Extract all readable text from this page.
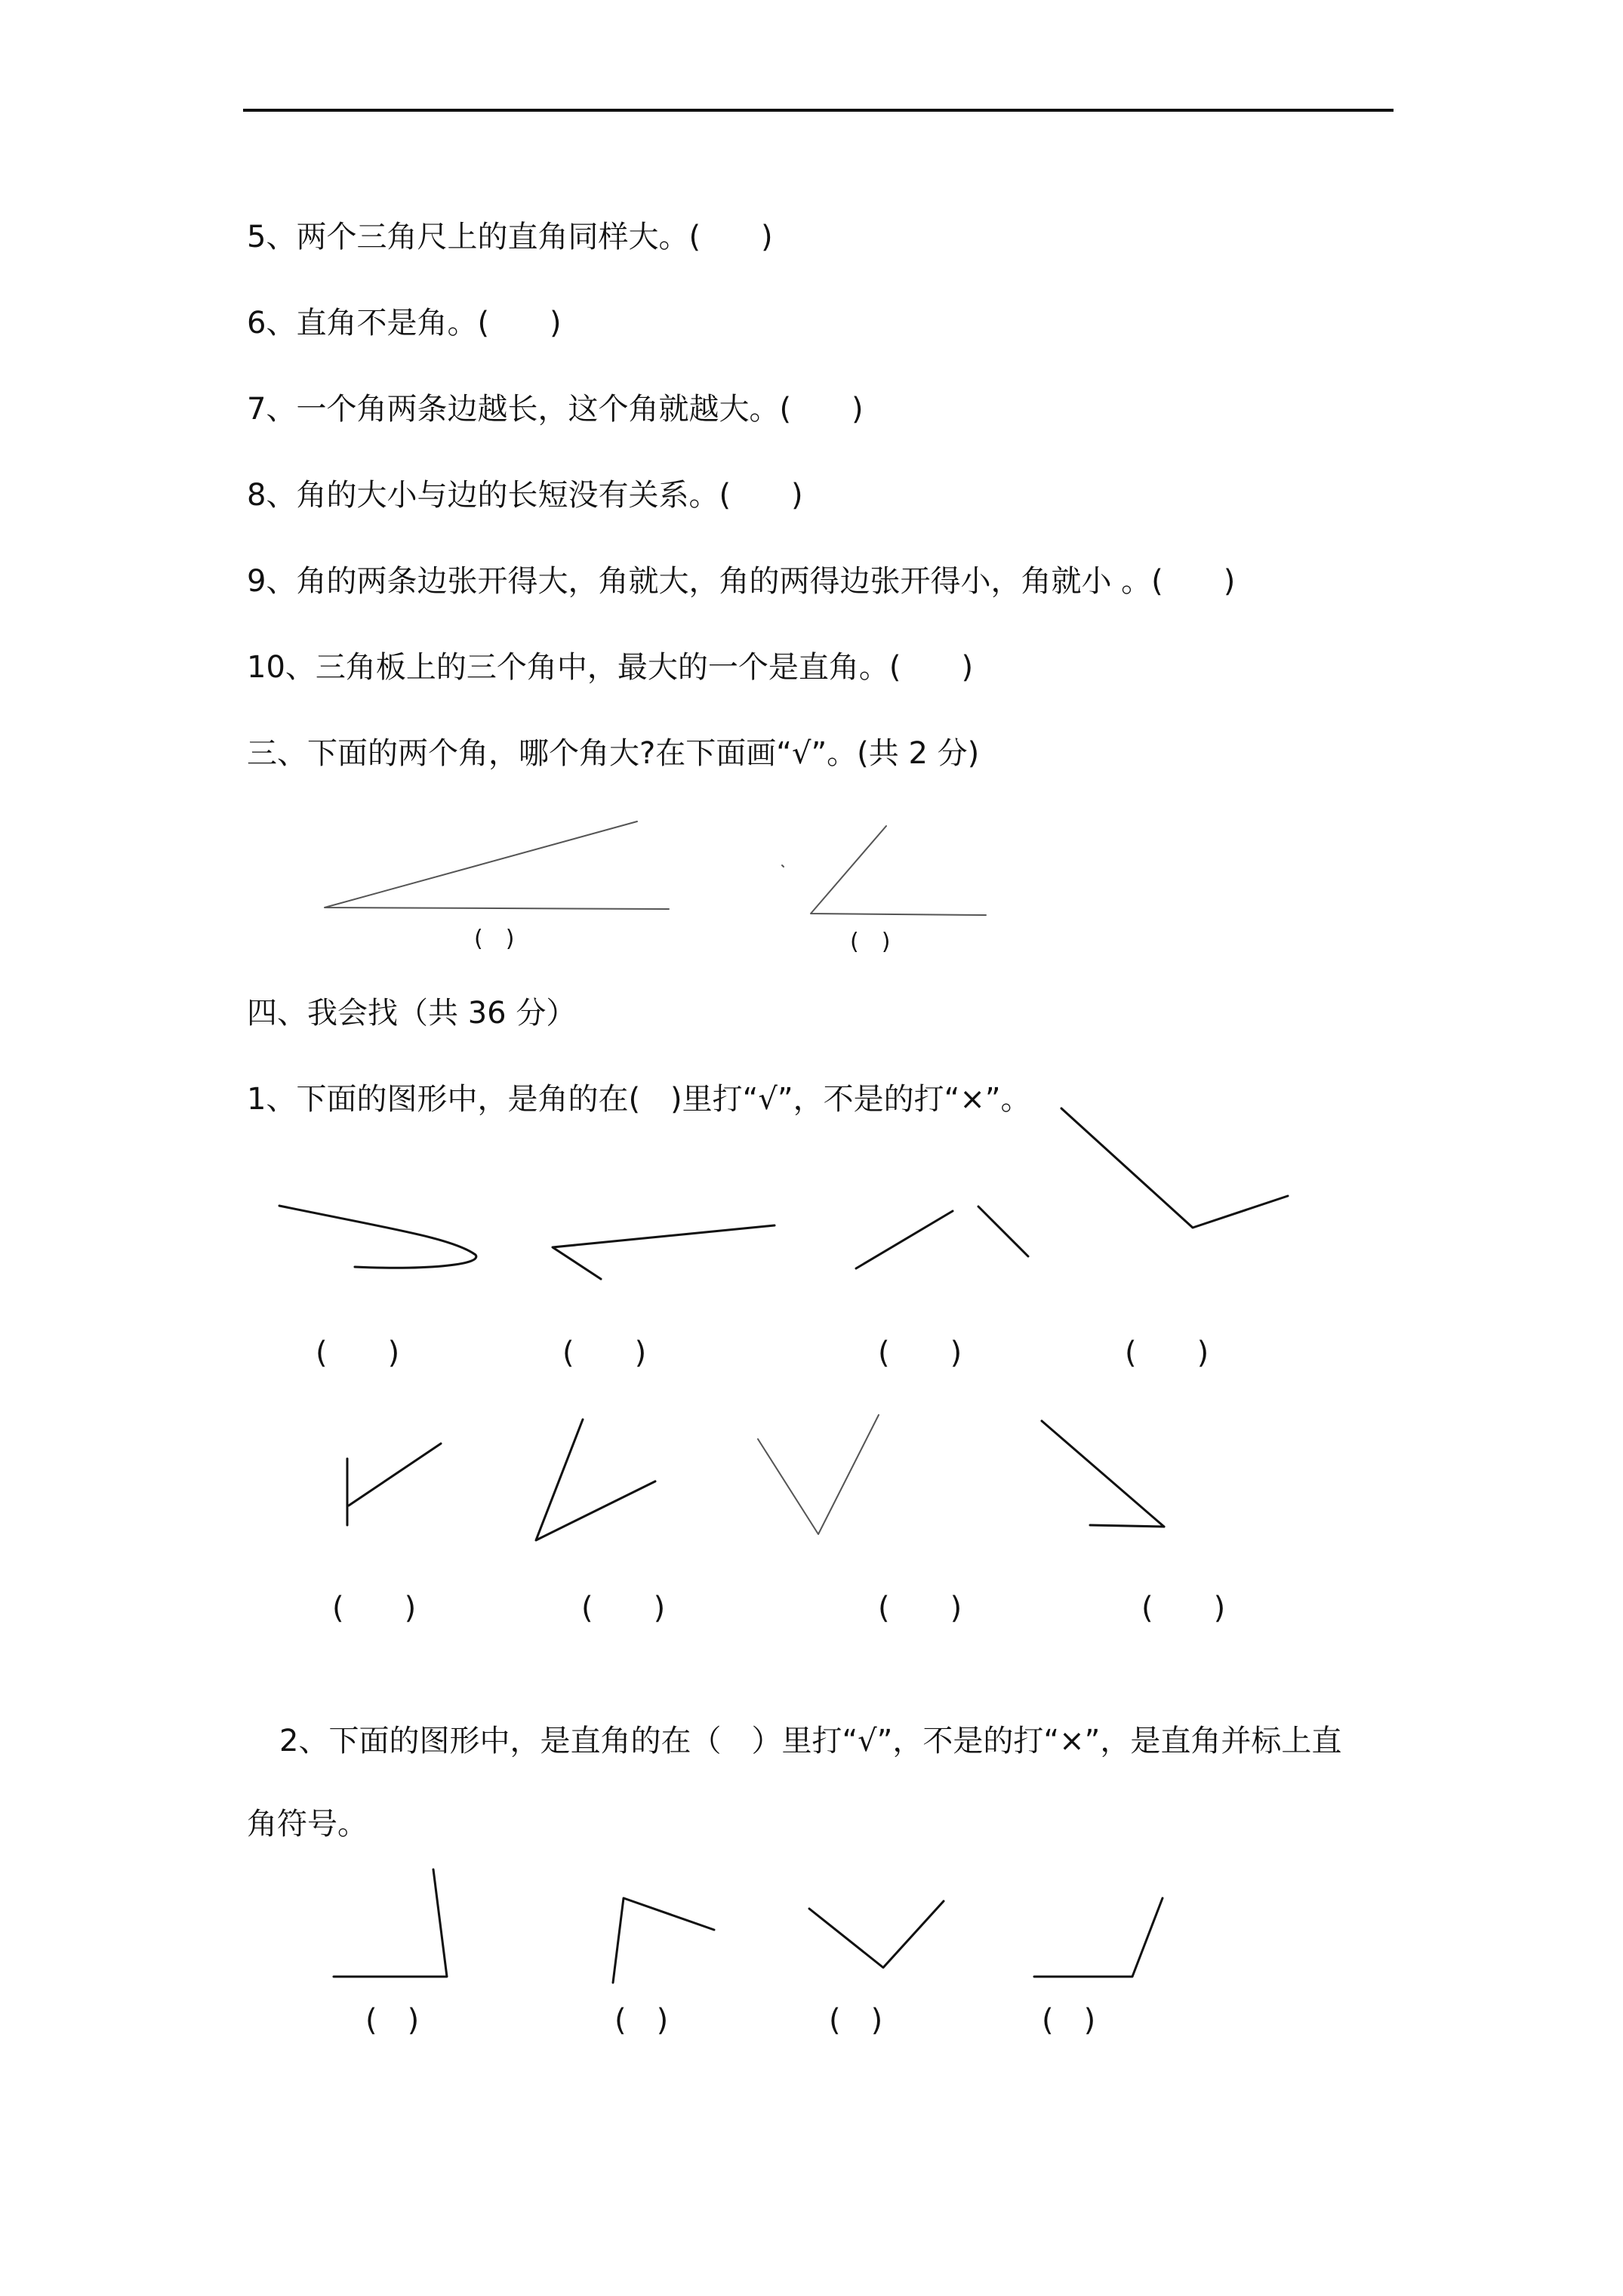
5、两个三角尺上的直角同样大。(　　)
6、直角不是角。(　　)
7、一个角两条边越长，这个角就越大。(　　)
8、角的大小与边的长短没有关系。(　　)
9、角的两条边张开得大，角就大，角的两得边张开得小，角就小 。(　　)
10、三角板上的三个角中，最大的一个是直角。(　　)
三、下面的两个角，哪个角大?在下面画“√”。(共 2 分)
(　)	(　)
四、我会找（共 36 分）
1、下面的图形中，是角的在(　)里打“√”，不是的打“×”。
(　　)	(　　)	(　　)	(　　)
(　　)	(　　)	(　　)	(　　)
2、下面的图形中，是直角的在（　）里打“√”，不是的打“×”，是直角并标上直
角符号。
(　)	(　)	(　)	(　)
